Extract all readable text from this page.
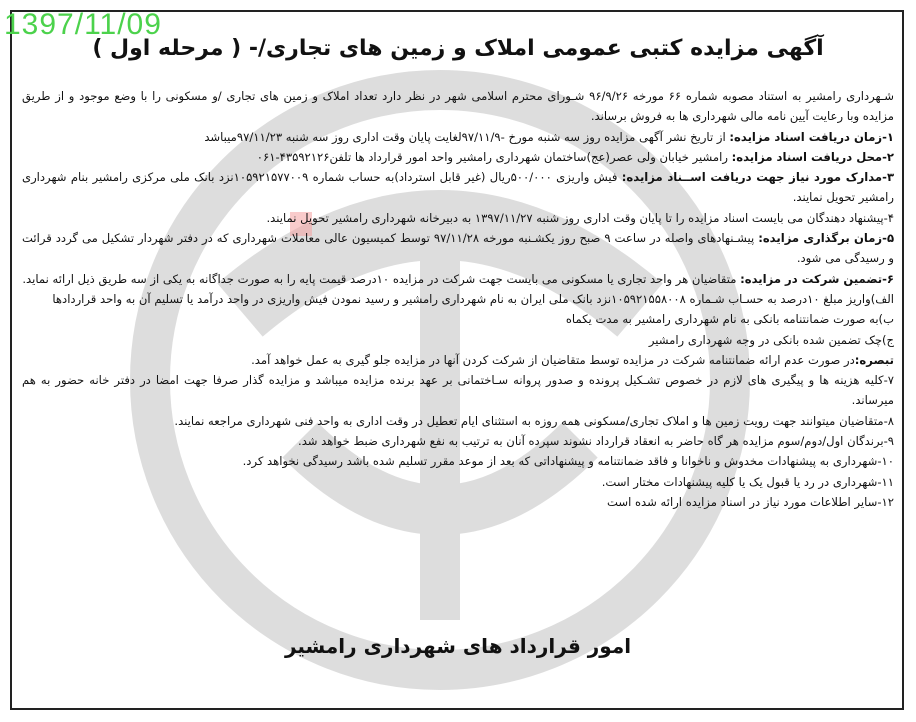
1397/11/09
آگهی مزایده کتبی عمومی املاک و زمین های تجاری/- ( مرحله اول )

شـهرداری رامشیر به استناد مصوبه شماره ۶۶ مورخه ۹۶/۹/۲۶ شـورای محترم اسلامی شهر در نظر دارد تعداد املاک و زمین های تجاری /و مسکونی را با وضع موجود و از طریق مزایده وبا رعایت آیین نامه مالی شهرداری ها به فروش برساند.

۱-زمان دریافت اسناد مزایده: از تاریخ نشر آگهی مزایده روز سه شنبه مورخ -۹۷/۱۱/۹لغایت پایان وقت اداری روز سه شنبه ۹۷/۱۱/۲۳میباشد

۲-محل دریافت اسناد مزایده: رامشیر خیابان ولی عصر(عج)ساختمان شهرداری رامشیر واحد امور قرارداد ها تلفن۴۳۵۹۲۱۲۶-۰۶۱

۳-مدارک مورد نیاز جهت دریافت اســناد مزایده: فیش واریزی ۵۰۰/۰۰۰ریال (غیر قابل استرداد)به حساب شماره ۱۰۵۹۲۱۵۷۷۰۰۹نزد بانک ملی مرکزی رامشیر بنام شهرداری رامشیر تحویل نمایند.

۴-پیشنهاد دهندگان می بایست اسناد مزایده را تا پایان وقت اداری روز شنبه ۱۳۹۷/۱۱/۲۷ به دبیرخانه شهرداری رامشیر تحویل نمایند.

۵-زمان برگذاری مزایده: پیشـنهادهای واصله در ساعت ۹ صبح روز یکشـنبه مورخه ۹۷/۱۱/۲۸ توسط کمیسیون عالی معاملات شهرداری که در دفتر شهردار تشکیل می گردد قرائت و رسیدگی می شود.

۶-تضمین شرکت در مزایده: متقاضیان هر واحد تجاری یا مسکونی می بایست جهت شرکت در مزایده ۱۰درصد قیمت پایه را به صورت جداگانه به یکی از سه طریق ذیل ارائه نماید.

الف)واریز مبلغ ۱۰درصد به حسـاب شـماره ۱۰۵۹۲۱۵۵۸۰۰۸نزد بانک ملی ایران به نام شهرداری رامشیر و رسید نمودن فیش واریزی در واحد درآمد یا تسلیم آن به واحد قراردادها

ب)به صورت ضمانتنامه بانکی به نام شهرداری رامشیر به مدت یکماه

ج)چک تضمین شده بانکی در وجه شهرداری رامشیر

تبصره:در صورت عدم ارائه ضمانتنامه شرکت در مزایده توسط متقاضیان از شرکت کردن آنها در مزایده جلو گیری به عمل خواهد آمد.

۷-کلیه هزینه ها و پیگیری های لازم در خصوص تشـکیل پرونده و صدور پروانه سـاختمانی بر عهد برنده مزایده میباشد و مزایده گذار صرفا جهت امضا در دفتر خانه حضور به هم میرساند.

۸-متقاضیان میتوانند جهت رویت زمین ها و املاک تجاری/مسکونی همه روزه به استثنای ایام تعطیل در وقت اداری به واحد فنی شهرداری مراجعه نمایند.

۹-برندگان اول/دوم/سوم مزایده هر گاه حاضر به انعقاد قرارداد نشوند سپرده آنان به ترتیب به نفع شهرداری ضبط خواهد شد.

۱۰-شهرداری به پیشنهادات مخدوش و ناخوانا و فاقد ضمانتنامه و پیشنهاداتی که بعد از موعد مقرر تسلیم شده باشد رسیدگی نخواهد کرد.

۱۱-شهرداری در رد یا قبول یک یا کلیه پیشنهادات مختار است.

۱۲-سایر اطلاعات مورد نیاز در اسناد مزایده ارائه شده است

امور قرارداد های شهرداری رامشیر
